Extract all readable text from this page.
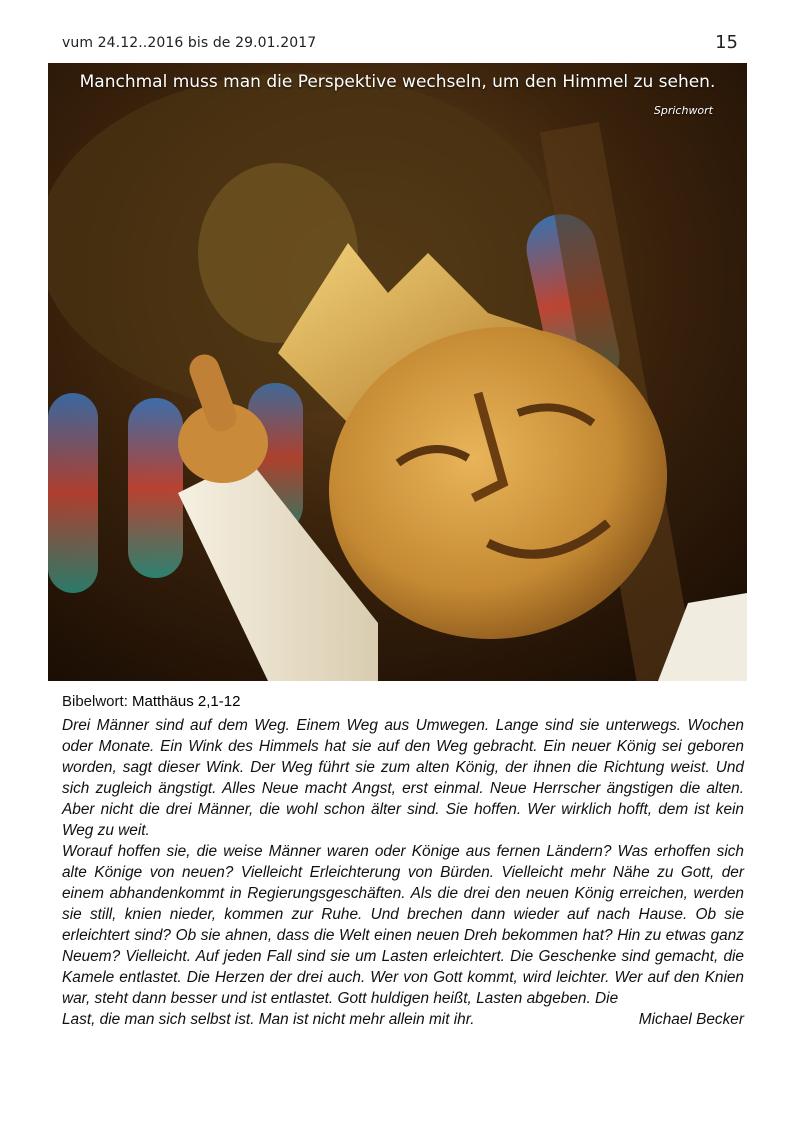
vum 24.12..2016 bis de 29.01.2017	15
Manchmal muss man die Perspektive wechseln, um den Himmel zu sehen.
Sprichwort
Bibelwort: Matthäus 2,1-12

Drei Männer sind auf dem Weg. Einem Weg aus Umwegen. Lange sind sie unterwegs. Wochen oder Monate. Ein Wink des Himmels hat sie auf den Weg gebracht. Ein neuer König sei geboren worden, sagt dieser Wink. Der Weg führt sie zum alten König, der ihnen die Richtung weist. Und sich zugleich ängstigt. Alles Neue macht Angst, erst einmal. Neue Herrscher ängstigen die alten. Aber nicht die drei Männer, die wohl schon älter sind. Sie hoffen. Wer wirklich hofft, dem ist kein Weg zu weit.

Worauf hoffen sie, die weise Männer waren oder Könige aus fernen Ländern? Was erhoffen sich alte Könige von neuen? Vielleicht Erleichterung von Bürden. Vielleicht mehr Nähe zu Gott, der einem abhandenkommt in Regierungsgeschäften. Als die drei den neuen König erreichen, werden sie still, knien nieder, kommen zur Ruhe. Und brechen dann wieder auf nach Hause. Ob sie erleichtert sind? Ob sie ahnen, dass die Welt einen neuen Dreh bekommen hat? Hin zu etwas ganz Neuem? Vielleicht. Auf jeden Fall sind sie um Lasten erleichtert. Die Geschenke sind gemacht, die Kamele entlastet. Die Herzen der drei auch. Wer von Gott kommt, wird leichter. Wer auf den Knien war, steht dann besser und ist entlastet. Gott huldigen heißt, Lasten abgeben. Die

Last, die man sich selbst ist. Man ist nicht mehr allein mit ihr.	Michael Becker
